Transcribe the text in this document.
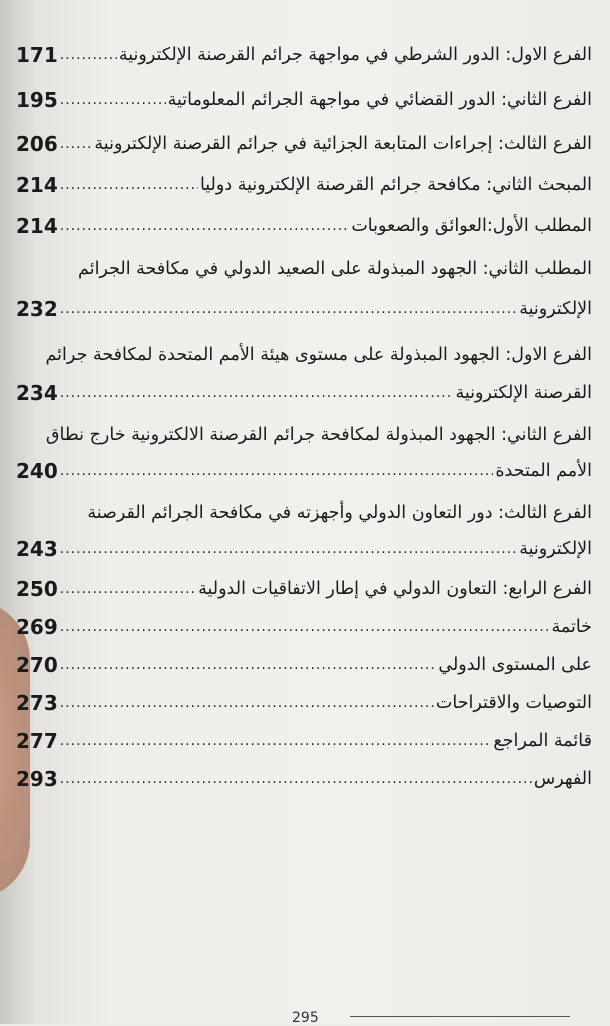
الفرع الاول: الدور الشرطي في مواجهة جرائم القرصنة الإلكترونية
.....
171
الفرع الثاني: الدور القضائي في مواجهة الجرائم المعلوماتية
.....
195
الفرع الثالث: إجراءات المتابعة الجزائية في جرائم القرصنة الإلكترونية
.....
206
المبحث الثاني: مكافحة جرائم القرصنة الإلكترونية دوليا
.....
214
المطلب الأول:العوائق والصعوبات
.....
214
المطلب الثاني: الجهود المبذولة على الصعيد الدولي في مكافحة الجرائم
الإلكترونية
.....
232
الفرع الاول: الجهود المبذولة على مستوى هيئة الأمم المتحدة لمكافحة جرائم
القرصنة الإلكترونية
.....
234
الفرع الثاني: الجهود المبذولة لمكافحة جرائم القرصنة الالكترونية خارج نطاق
الأمم المتحدة
.....
240
الفرع الثالث: دور التعاون الدولي وأجهزته في مكافحة الجرائم القرصنة
الإلكترونية
.....
243
الفرع الرابع: التعاون الدولي في إطار الاتفاقيات الدولية
.....
250
خاتمة
.....
269
على المستوى الدولي
.....
270
التوصيات والاقتراحات
.....
273
قائمة المراجع
.....
277
الفهرس
.....
293
295
